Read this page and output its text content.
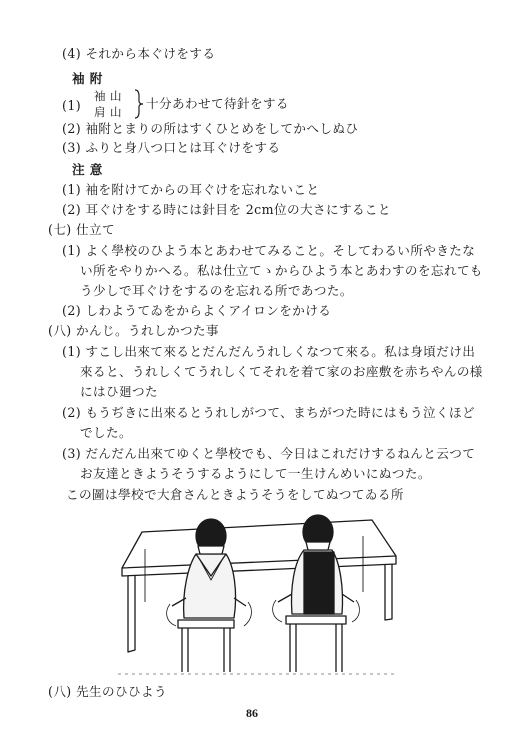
(4) それから本ぐけをする
袖 附
(1)
袖 山
肩 山
十分あわせて待針をする
(2) 袖附とまりの所はすくひとめをしてかへしぬひ
(3) ふりと身八つ口とは耳ぐけをする
注 意
(1) 袖を附けてからの耳ぐけを忘れないこと
(2) 耳ぐけをする時には針目を 2cm位の大さにすること
(七) 仕立て
(1) よく學校のひよう本とあわせてみること。そしてわるい所やきたな
い所をやりかへる。私は仕立てゝからひよう本とあわすのを忘れても
う少しで耳ぐけをするのを忘れる所であつた。
(2) しわようてゐをからよくアイロンをかける
(八) かんじ。うれしかつた事
(1) すこし出來て來るとだんだんうれしくなつて來る。私は身頃だけ出
來ると、うれしくてうれしくてそれを着て家のお座敷を赤ちやんの様
にはひ廻つた
(2) もうぢきに出來るとうれしがつて、まちがつた時にはもう泣くほど
でした。
(3) だんだん出來てゆくと學校でも、今日はこれだけするねんと云つて
お友達ときようそうするようにして一生けんめいにぬつた。
この圖は學校で大倉さんときようそうをしてぬつてゐる所
(八) 先生のひひよう
86
